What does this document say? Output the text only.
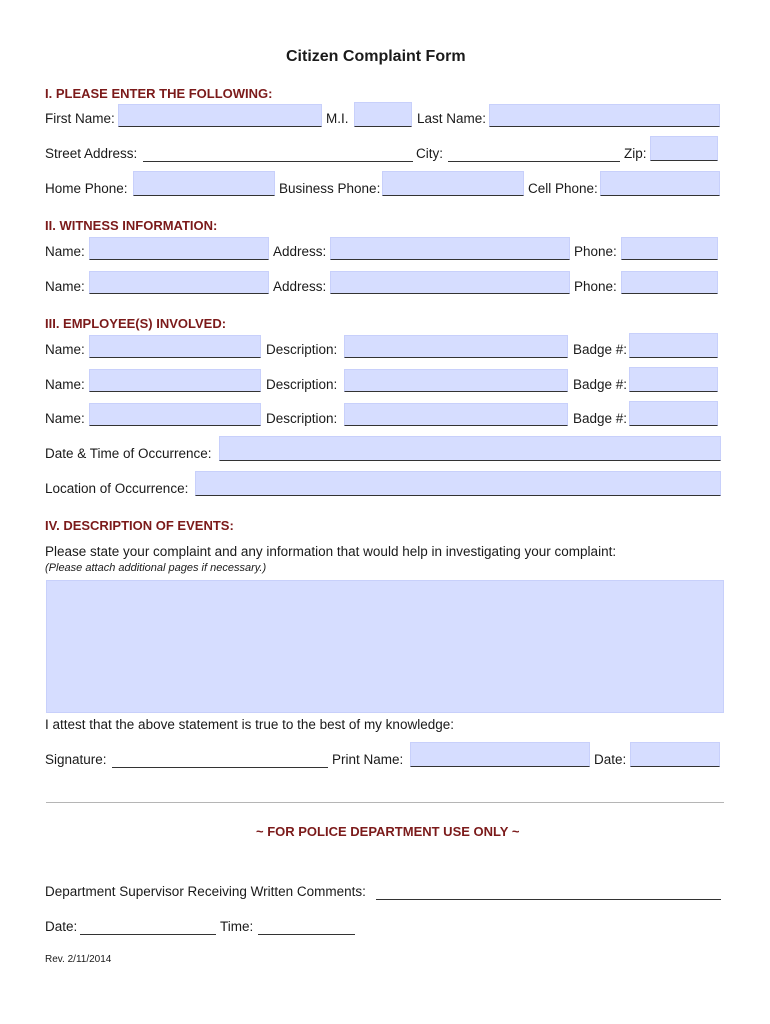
Citizen Complaint Form
I. PLEASE ENTER THE FOLLOWING:
First Name:	M.I.	Last Name:
Street Address:	City:	Zip:
Home Phone:	Business Phone:	Cell Phone:
II. WITNESS INFORMATION:
Name:	Address:	Phone:
Name:	Address:	Phone:
III. EMPLOYEE(S) INVOLVED:
Name:	Description:	Badge #:
Name:	Description:	Badge #:
Name:	Description:	Badge #:
Date & Time of Occurrence:
Location of Occurrence:
IV. DESCRIPTION OF EVENTS:
Please state your complaint and any information that would help in investigating your complaint:
(Please attach additional pages if necessary.)
I attest that the above statement is true to the best of my knowledge:
Signature:	Print Name:	Date:
~ FOR POLICE DEPARTMENT USE ONLY ~
Department Supervisor Receiving Written Comments:
Date:	Time:
Rev. 2/11/2014
